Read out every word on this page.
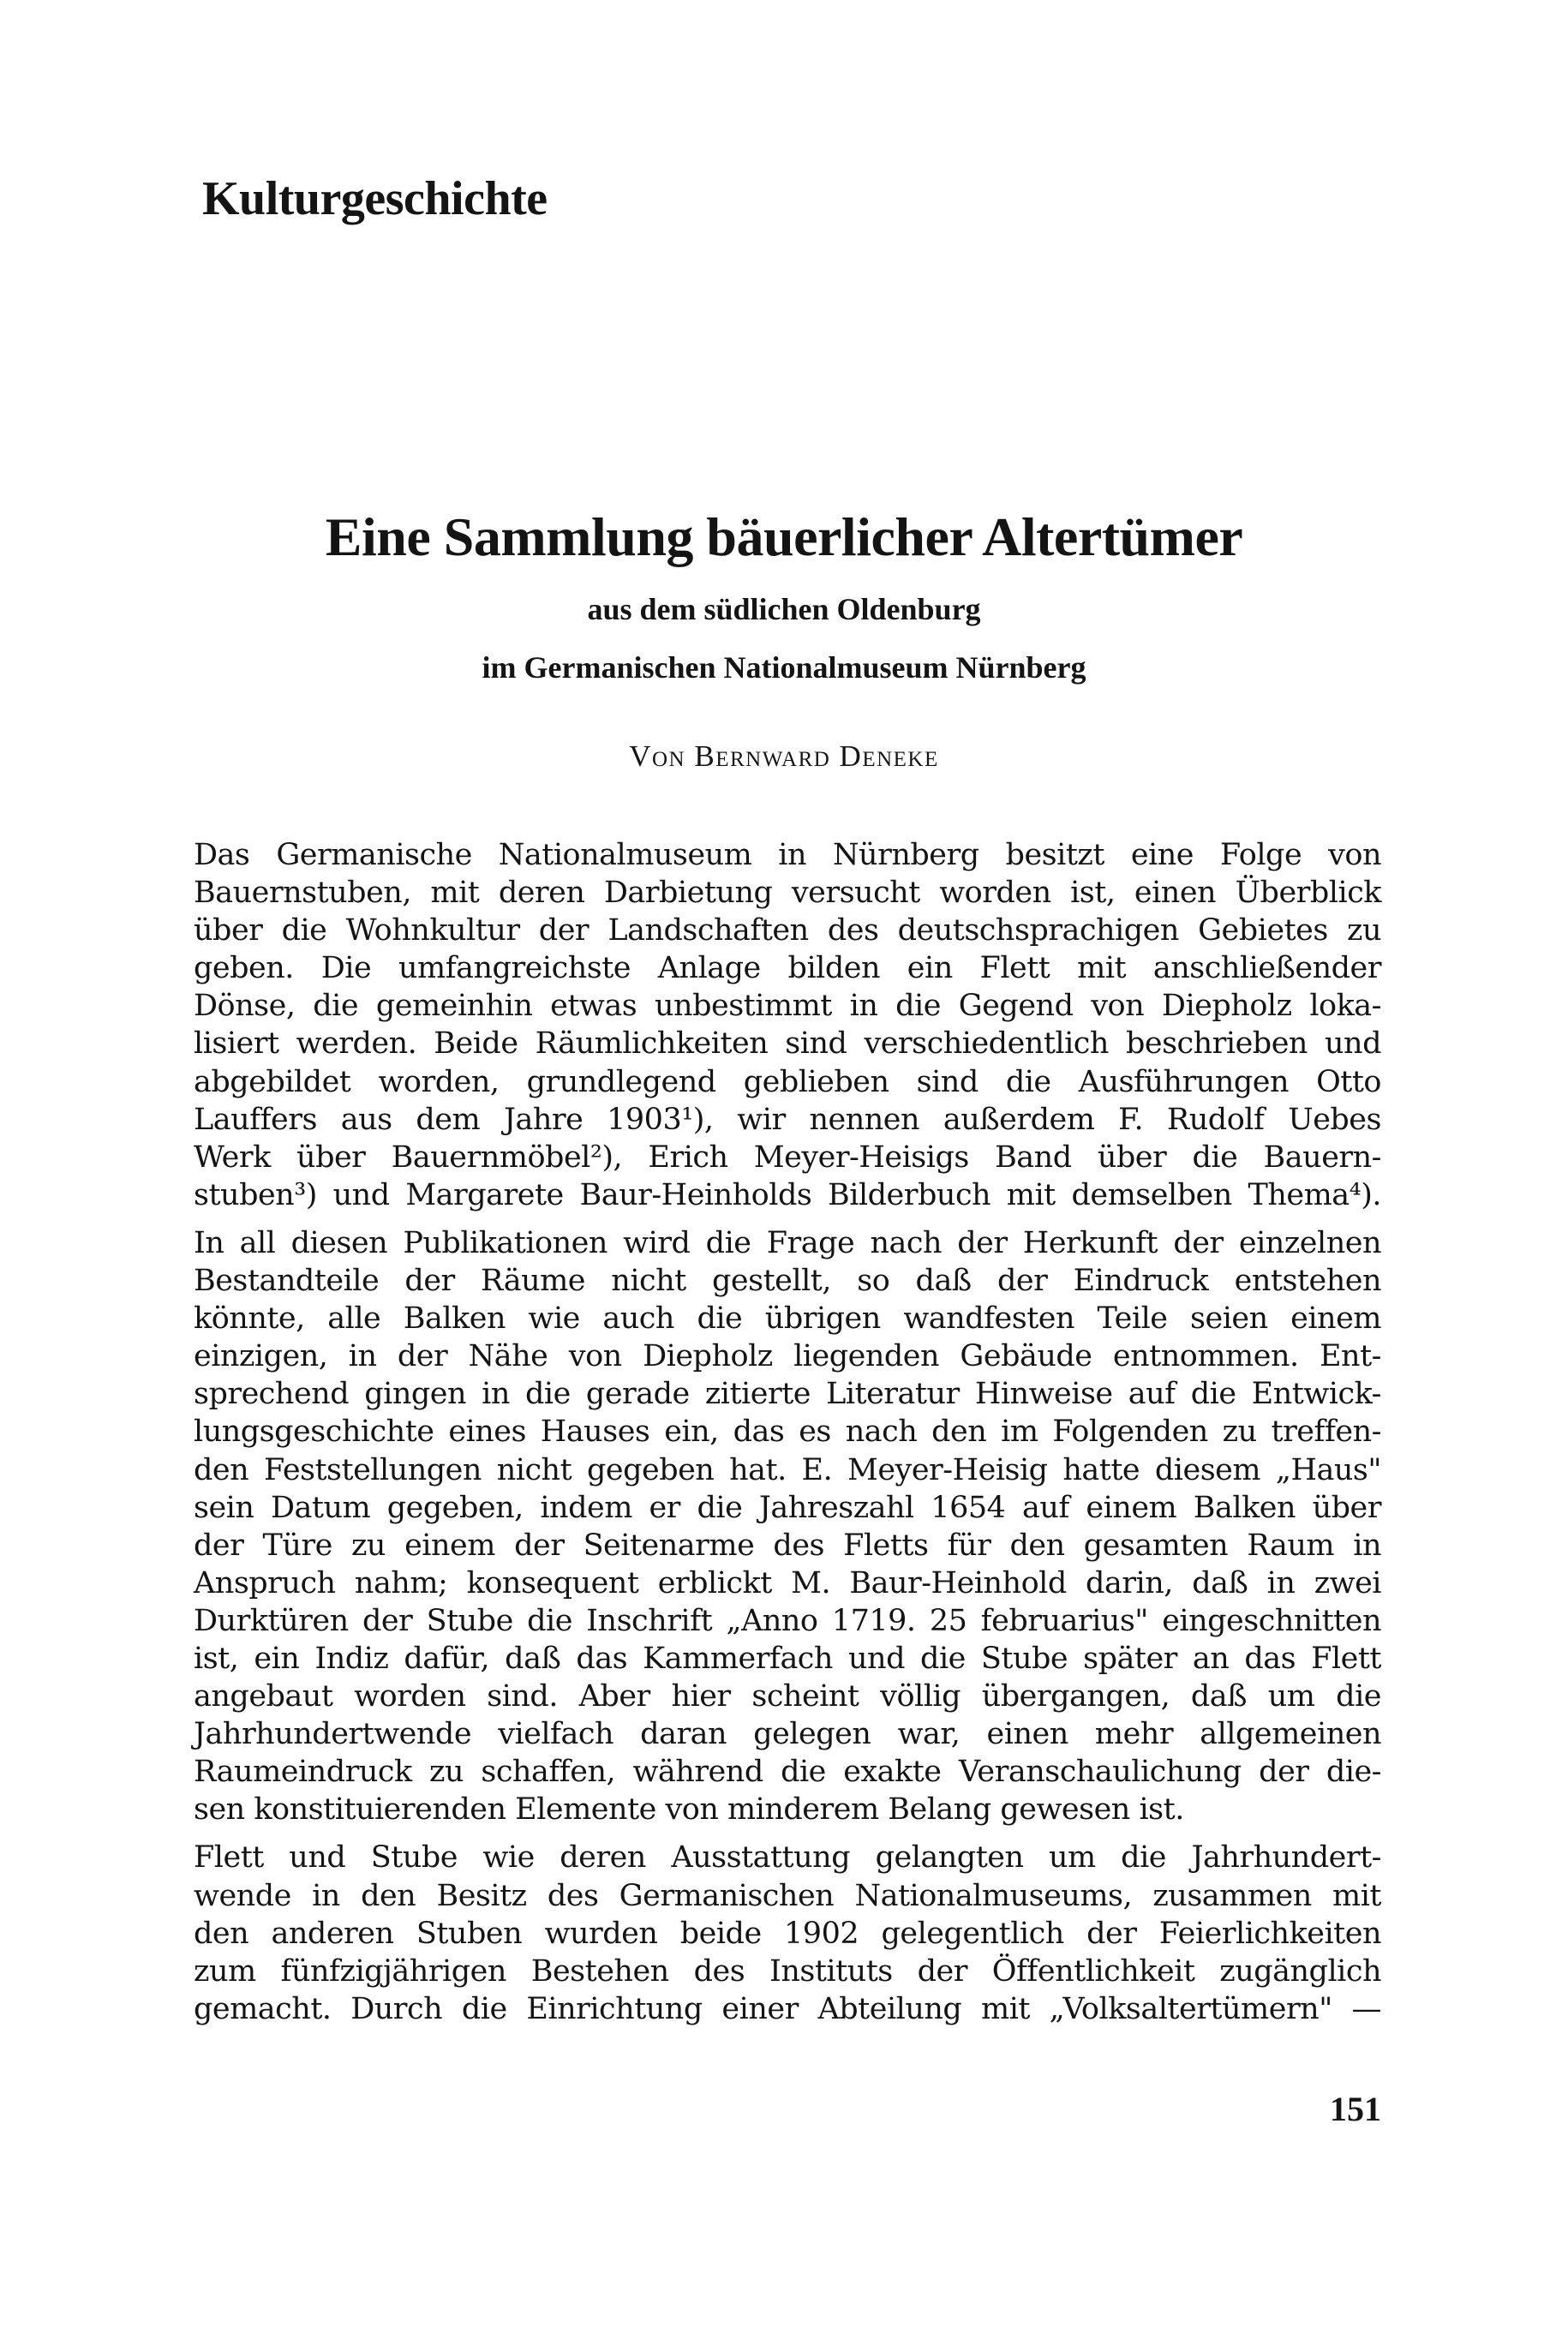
Kulturgeschichte
Eine Sammlung bäuerlicher Altertümer

aus dem südlichen Oldenburg

im Germanischen Nationalmuseum Nürnberg

Von Bernward Deneke

Das Germanische Nationalmuseum in Nürnberg besitzt eine Folge von
Bauernstuben, mit deren Darbietung versucht worden ist, einen Überblick
über die Wohnkultur der Landschaften des deutschsprachigen Gebietes zu
geben. Die umfangreichste Anlage bilden ein Flett mit anschließender
Dönse, die gemeinhin etwas unbestimmt in die Gegend von Diepholz loka-
lisiert werden. Beide Räumlichkeiten sind verschiedentlich beschrieben und
abgebildet worden, grundlegend geblieben sind die Ausführungen Otto
Lauffers aus dem Jahre 1903¹), wir nennen außerdem F. Rudolf Uebes
Werk über Bauernmöbel²), Erich Meyer-Heisigs Band über die Bauern-
stuben³) und Margarete Baur-Heinholds Bilderbuch mit demselben Thema⁴).

In all diesen Publikationen wird die Frage nach der Herkunft der einzelnen
Bestandteile der Räume nicht gestellt, so daß der Eindruck entstehen
könnte, alle Balken wie auch die übrigen wandfesten Teile seien einem
einzigen, in der Nähe von Diepholz liegenden Gebäude entnommen. Ent-
sprechend gingen in die gerade zitierte Literatur Hinweise auf die Entwick-
lungsgeschichte eines Hauses ein, das es nach den im Folgenden zu treffen-
den Feststellungen nicht gegeben hat. E. Meyer-Heisig hatte diesem „Haus"
sein Datum gegeben, indem er die Jahreszahl 1654 auf einem Balken über
der Türe zu einem der Seitenarme des Fletts für den gesamten Raum in
Anspruch nahm; konsequent erblickt M. Baur-Heinhold darin, daß in zwei
Durktüren der Stube die Inschrift „Anno 1719. 25 februarius" eingeschnitten
ist, ein Indiz dafür, daß das Kammerfach und die Stube später an das Flett
angebaut worden sind. Aber hier scheint völlig übergangen, daß um die
Jahrhundertwende vielfach daran gelegen war, einen mehr allgemeinen
Raumeindruck zu schaffen, während die exakte Veranschaulichung der die-
sen konstituierenden Elemente von minderem Belang gewesen ist.

Flett und Stube wie deren Ausstattung gelangten um die Jahrhundert-
wende in den Besitz des Germanischen Nationalmuseums, zusammen mit
den anderen Stuben wurden beide 1902 gelegentlich der Feierlichkeiten
zum fünfzigjährigen Bestehen des Instituts der Öffentlichkeit zugänglich
gemacht. Durch die Einrichtung einer Abteilung mit „Volksaltertümern" —

151
